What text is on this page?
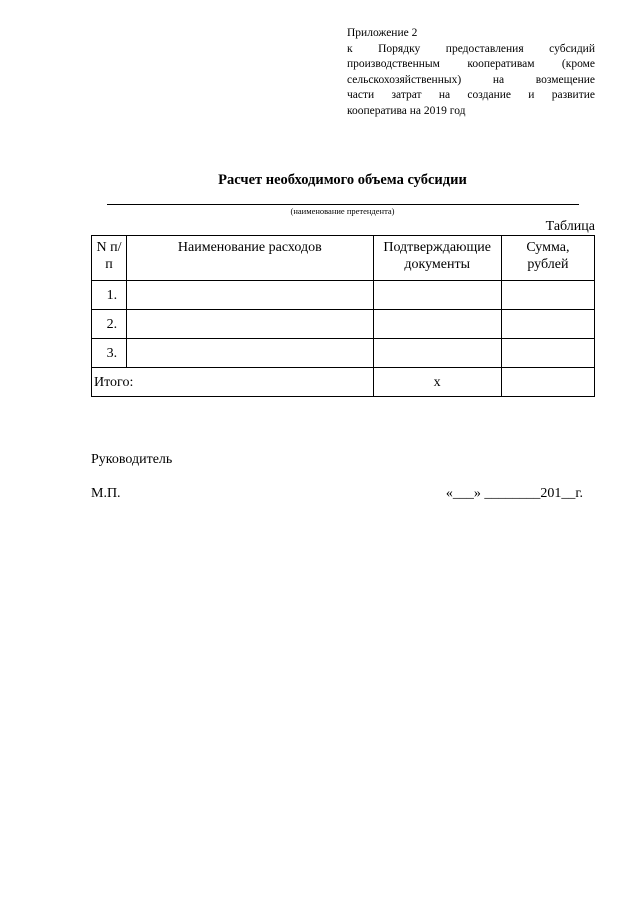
Приложение 2
к Порядку предоставления субсидий
производственным кооперативам (кроме
сельскохозяйственных) на возмещение
части затрат на создание и развитие
кооператива на 2019 год
Расчет необходимого объема субсидии
(наименование претендента)
Таблица
N п/п	Наименование расходов	Подтверждающие документы	Сумма, рублей
1.			
2.			
3.			
Итого:		x	
Руководитель
М.П.	«___» ________201__г.
